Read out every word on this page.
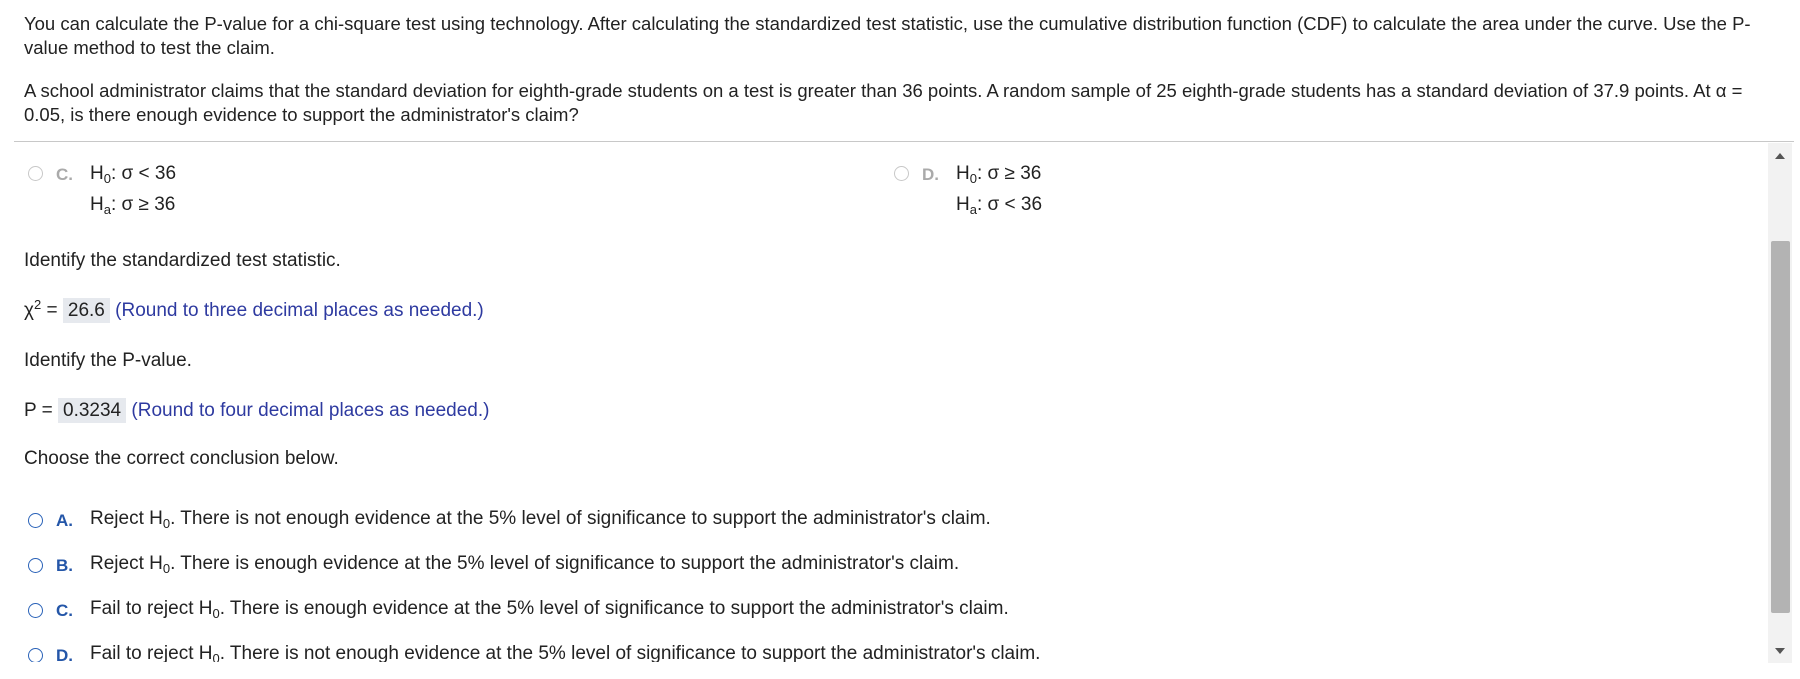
You can calculate the P-value for a chi-square test using technology. After calculating the standardized test statistic, use the cumulative distribution function (CDF) to calculate the area under the curve. Use the P-value method to test the claim.

A school administrator claims that the standard deviation for eighth-grade students on a test is greater than 36 points. A random sample of 25 eighth-grade students has a standard deviation of 37.9 points. At α = 0.05, is there enough evidence to support the administrator's claim?

C. $H_0$: σ < 36
$H_a$: σ ≥ 36
D. $H_0$: σ ≥ 36
$H_a$: σ < 36
Identify the standardized test statistic.
$\chi^2 = 26.6$ (Round to three decimal places as needed.)
Identify the P-value.
P = 0.3234 (Round to four decimal places as needed.)
Choose the correct conclusion below.
A. Reject $H_0$. There is not enough evidence at the 5% level of significance to support the administrator's claim.
B. Reject $H_0$. There is enough evidence at the 5% level of significance to support the administrator's claim.
C. Fail to reject $H_0$. There is enough evidence at the 5% level of significance to support the administrator's claim.
D. Fail to reject $H_0$. There is not enough evidence at the 5% level of significance to support the administrator's claim.
